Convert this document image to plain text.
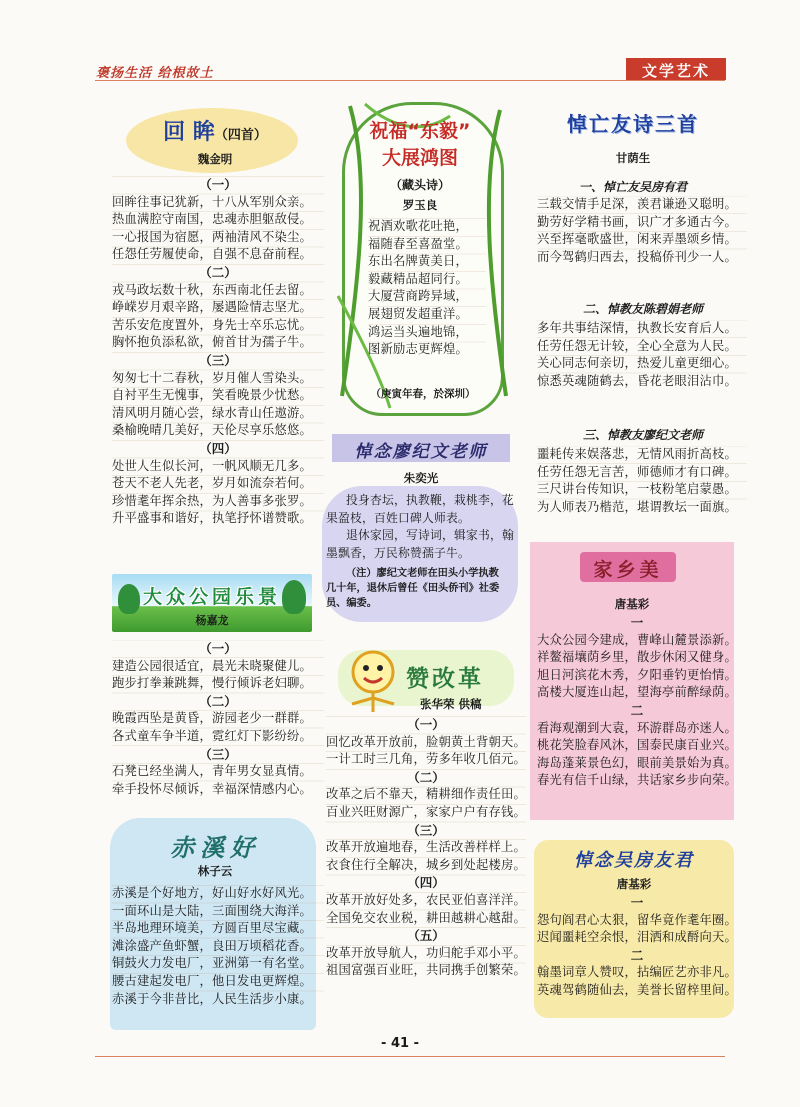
褒扬生活 给根故土	文学艺术
回 眸（四首）
魏金明
（一）
回眸往事记犹新，十八从军别众亲。
热血满腔守南国，忠魂赤胆躯敌侵。
一心报国为宿愿，两袖清风不染尘。
任怨任劳履使命，自强不息奋前程。
（二）
戎马政坛数十秋，东西南北任去留。
峥嵘岁月艰辛路，屡遇险情志坚尤。
苦乐安危度置外，身先士卒乐忘忧。
胸怀抱负添私欲，俯首甘为孺子牛。
（三）
匆匆七十二春秋，岁月催人雪染头。
自衬平生无愧事，笑看晚景少忧愁。
清风明月随心尝，绿水青山任遨游。
桑榆晚晴几美好，天伦尽享乐悠悠。
（四）
处世人生似长河，一帆风顺无几多。
苍天不老人先老，岁月如流奈若何。
珍惜耄年挥余热，为人善事多张罗。
升平盛事和谐好，执笔抒怀谱赞歌。
大众公园乐景
杨嘉龙
（一）
建造公园很适宜，晨光未晓聚健儿。
跑步打拳兼跳舞，慢行倾诉老妇聊。
（二）
晚霞西坠是黄昏，游园老少一群群。
各式童车争半道，霓红灯下影纷纷。
（三）
石凳已经坐满人，青年男女显真情。
牵手投怀尽倾诉，幸福深情感内心。
赤溪好
林子云
赤溪是个好地方，好山好水好风光。
一面环山是大陆，三面围绕大海洋。
半岛地理环境美，方圆百里尽宝藏。
滩涂盛产鱼虾蟹，良田万顷稻花香。
铜鼓火力发电厂，亚洲第一有名堂。
腰古建起发电厂，他日发电更辉煌。
赤溪于今非昔比，人民生活步小康。
祝福“东毅”
大展鸿图
（藏头诗）
罗玉良
祝酒欢歌花吐艳，
福随春至喜盈堂。
东出名牌黄美日，
毅藏精品超同行。
大厦营商跨异域，
展翅贸发超重洋。
鸿运当头遍地锦，
图新励志更辉煌。
（庚寅年春，於深圳）
悼念廖纪文老师
朱奕光
投身杏坛，执教鞭，栽桃李，花
果盈枝，百姓口碑人师表。
退休家园，写诗词，辑家书，翰
墨飘香，万民称赞孺子牛。
（注）廖纪文老师在田头小学执教
几十年，退休后曾任《田头侨刊》社委
员、编委。
赞改革
张华荣 供稿
（一）
回忆改革开放前，脸朝黄土背朝天。
一计工时三几角，劳多年收几佰元。
（二）
改革之后不靠天，精耕细作责任田。
百业兴旺财源广，家家户户有存钱。
（三）
改革开放遍地春，生活改善样样上。
衣食住行全解决，城乡到处起楼房。
（四）
改革开放好处多，农民亚伯喜洋洋。
全国免交农业税，耕田越耕心越甜。
（五）
改革开放导航人，功归舵手邓小平。
祖国富强百业旺，共同携手创繁荣。
悼亡友诗三首
甘荫生
一、悼亡友吴房有君
三载交情手足深，羡君谦逊又聪明。
勤劳好学精书画，识广才多通古今。
兴至挥毫歌盛世，闲来弄墨颂乡情。
而今驾鹤归西去，投稿侨刊少一人。
二、悼教友陈碧娟老师
多年共事结深情，执教长安育后人。
任劳任怨无计较，全心全意为人民。
关心同志何亲切，热爱儿童更细心。
惊悉英魂随鹤去，昏花老眼泪沾巾。
三、悼教友廖纪文老师
噩耗传来娱落悲，无情风雨折高枝。
任劳任怨无言苦，师德师才有口碑。
三尺讲台传知识，一枝粉笔启蒙愚。
为人师表乃楷范，堪谓教坛一面旗。
家乡美
唐基彩
一
大众公园今建成，曹峰山麓景添新。
祥鳌福壤荫乡里，散步休闲又健身。
旭日河滨花木秀，夕阳垂钓更怡情。
高楼大厦连山起，望海亭前醉绿荫。
二
看海观潮到大袁，环游群岛亦迷人。
桃花笑脸春风沐，国泰民康百业兴。
海岛蓬莱景色幻，眼前美景始为真。
春光有信千山绿，共话家乡步向荣。
悼念吴房友君
唐基彩
一
怨句阎君心太狠，留华竟作耄年圈。
迟闻噩耗空余恨，泪洒和成酹向天。
二
翰墨词章人赞叹，拈编匠艺亦非凡。
英魂驾鹤随仙去，美誉长留梓里间。
- 41 -
